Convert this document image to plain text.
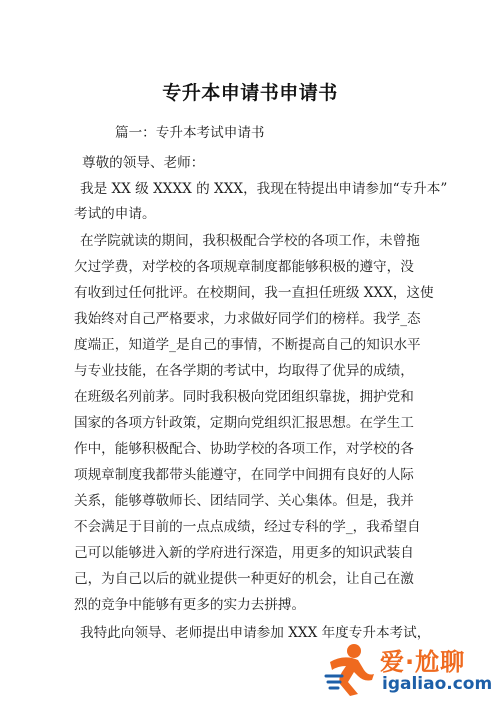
专升本申请书申请书
篇一：专升本考试申请书
尊敬的领导、老师：
我是 XX 级 XXXX 的 XXX，我现在特提出申请参加“专升本”
考试的申请。
在学院就读的期间，我积极配合学校的各项工作，未曾拖
欠过学费，对学校的各项规章制度都能够积极的遵守，没
有收到过任何批评。在校期间，我一直担任班级 XXX，这使
我始终对自己严格要求，力求做好同学们的榜样。我学_态
度端正，知道学_是自己的事情，不断提高自己的知识水平
与专业技能，在各学期的考试中，均取得了优异的成绩，
在班级名列前茅。同时我积极向党团组织靠拢，拥护党和
国家的各项方针政策，定期向党组织汇报思想。在学生工
作中，能够积极配合、协助学校的各项工作，对学校的各
项规章制度我都带头能遵守，在同学中间拥有良好的人际
关系，能够尊敬师长、团结同学、关心集体。但是，我并
不会满足于目前的一点点成绩，经过专科的学_，我希望自
己可以能够进入新的学府进行深造，用更多的知识武装自
己，为自己以后的就业提供一种更好的机会，让自己在激
烈的竞争中能够有更多的实力去拼搏。
我特此向领导、老师提出申请参加 XXX 年度专升本考试，
爱·尬聊
igaliao.com
